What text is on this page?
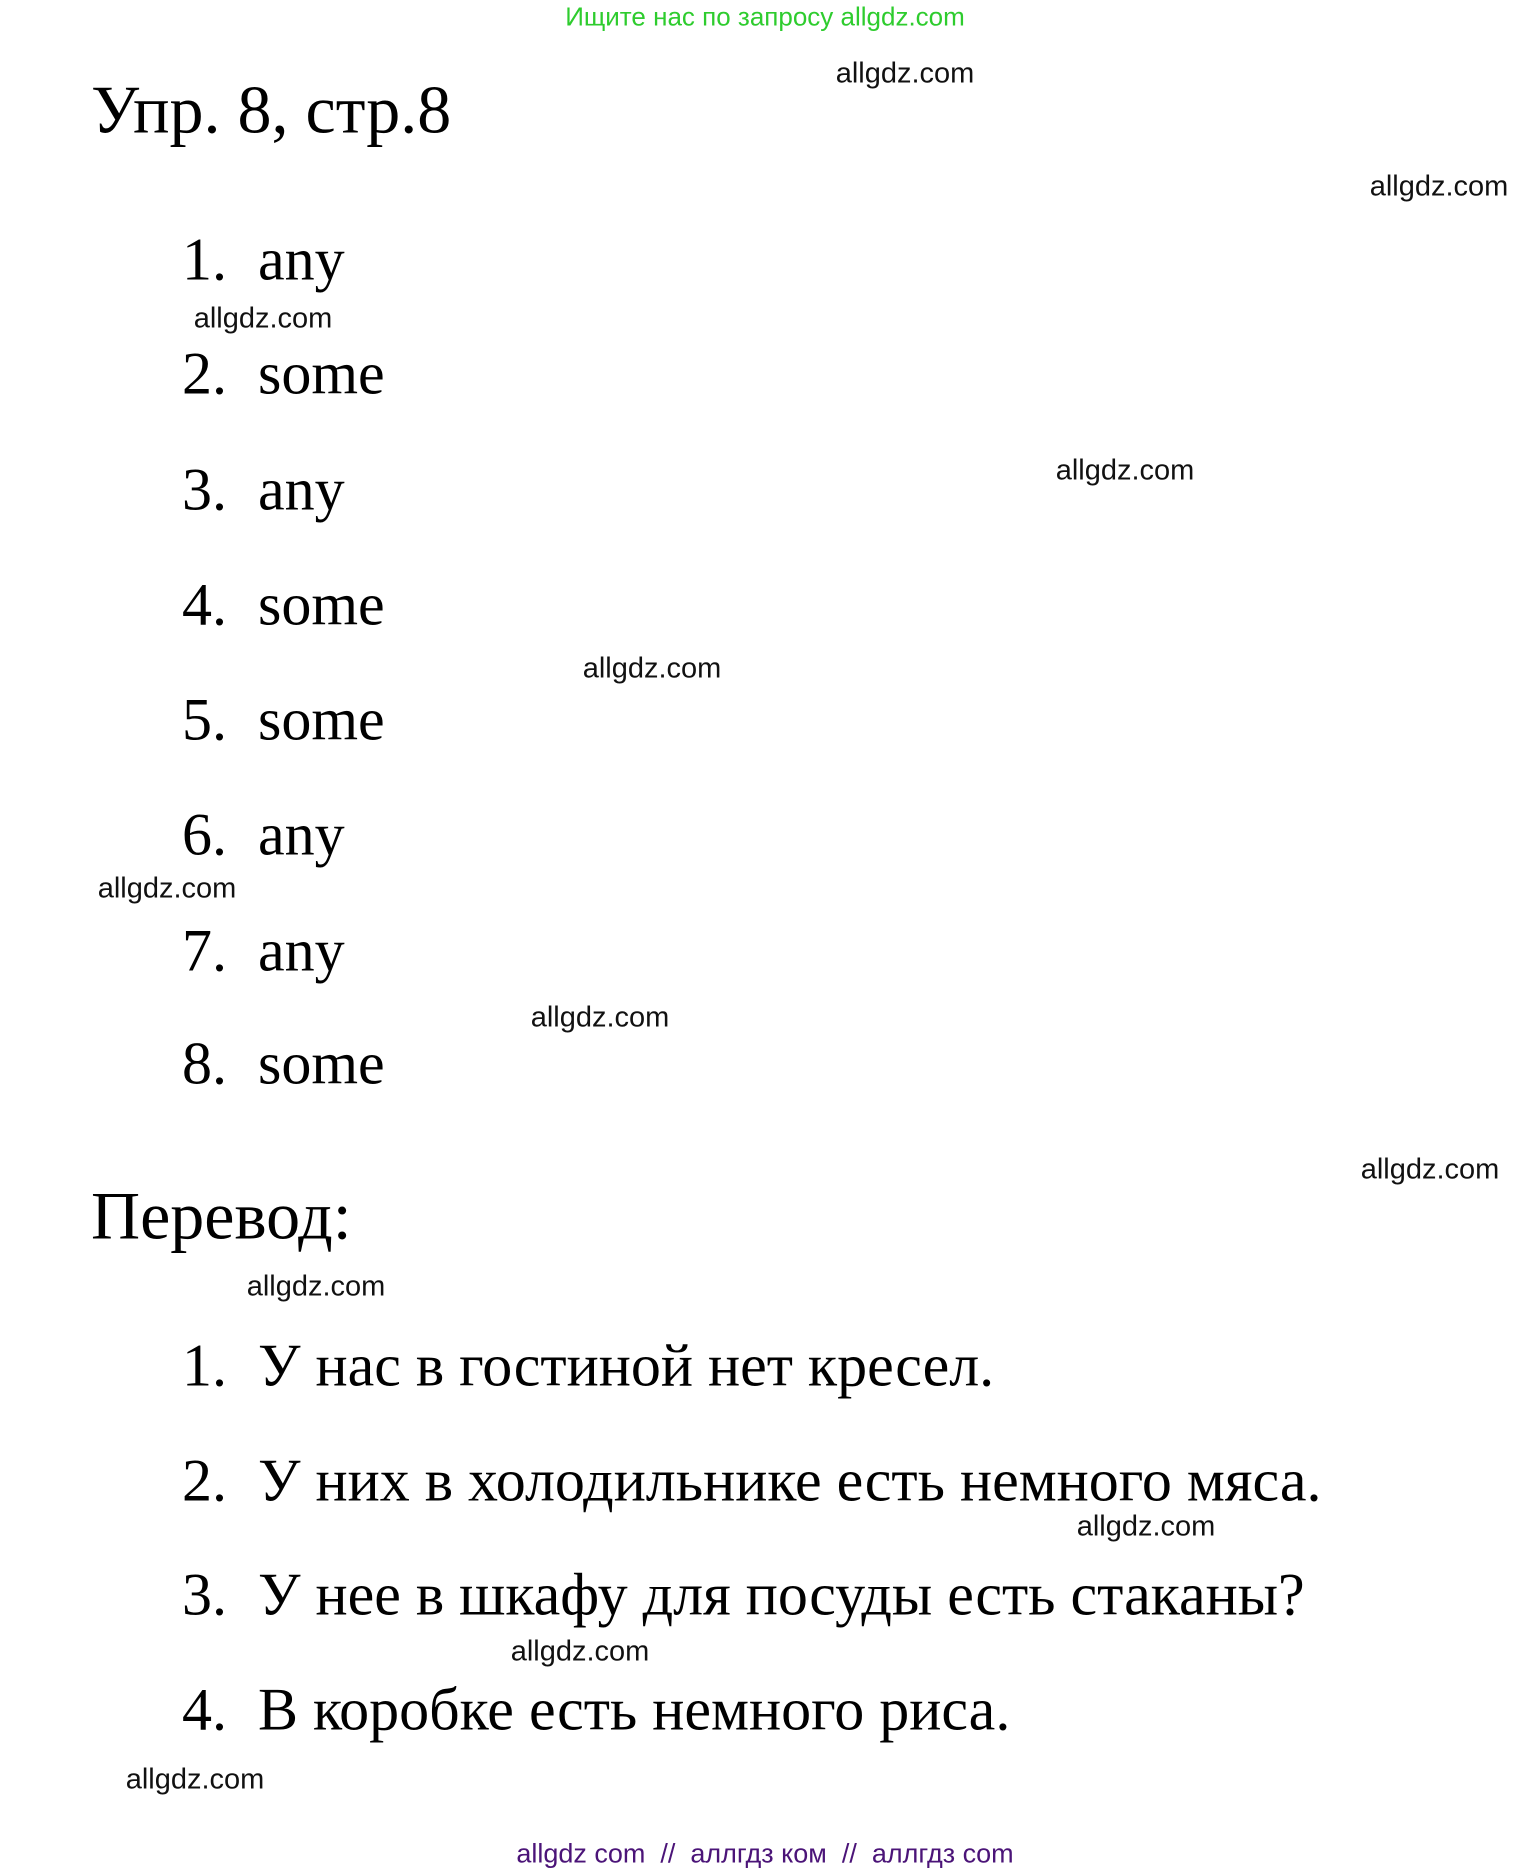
Ищите нас по запросу allgdz.com
Упр. 8, стр.8
1. any
2. some
3. any
4. some
5. some
6. any
7. any
8. some
Перевод:
1. У нас в гостиной нет кресел.
2. У них в холодильнике есть немного мяса.
3. У нее в шкафу для посуды есть стаканы?
4. В коробке есть немного риса.
allgdz.com
allgdz.com
allgdz.com
allgdz.com
allgdz.com
allgdz.com
allgdz.com
allgdz.com
allgdz.com
allgdz.com
allgdz.com
allgdz.com
allgdz com  //  аллгдз ком  //  аллгдз com
